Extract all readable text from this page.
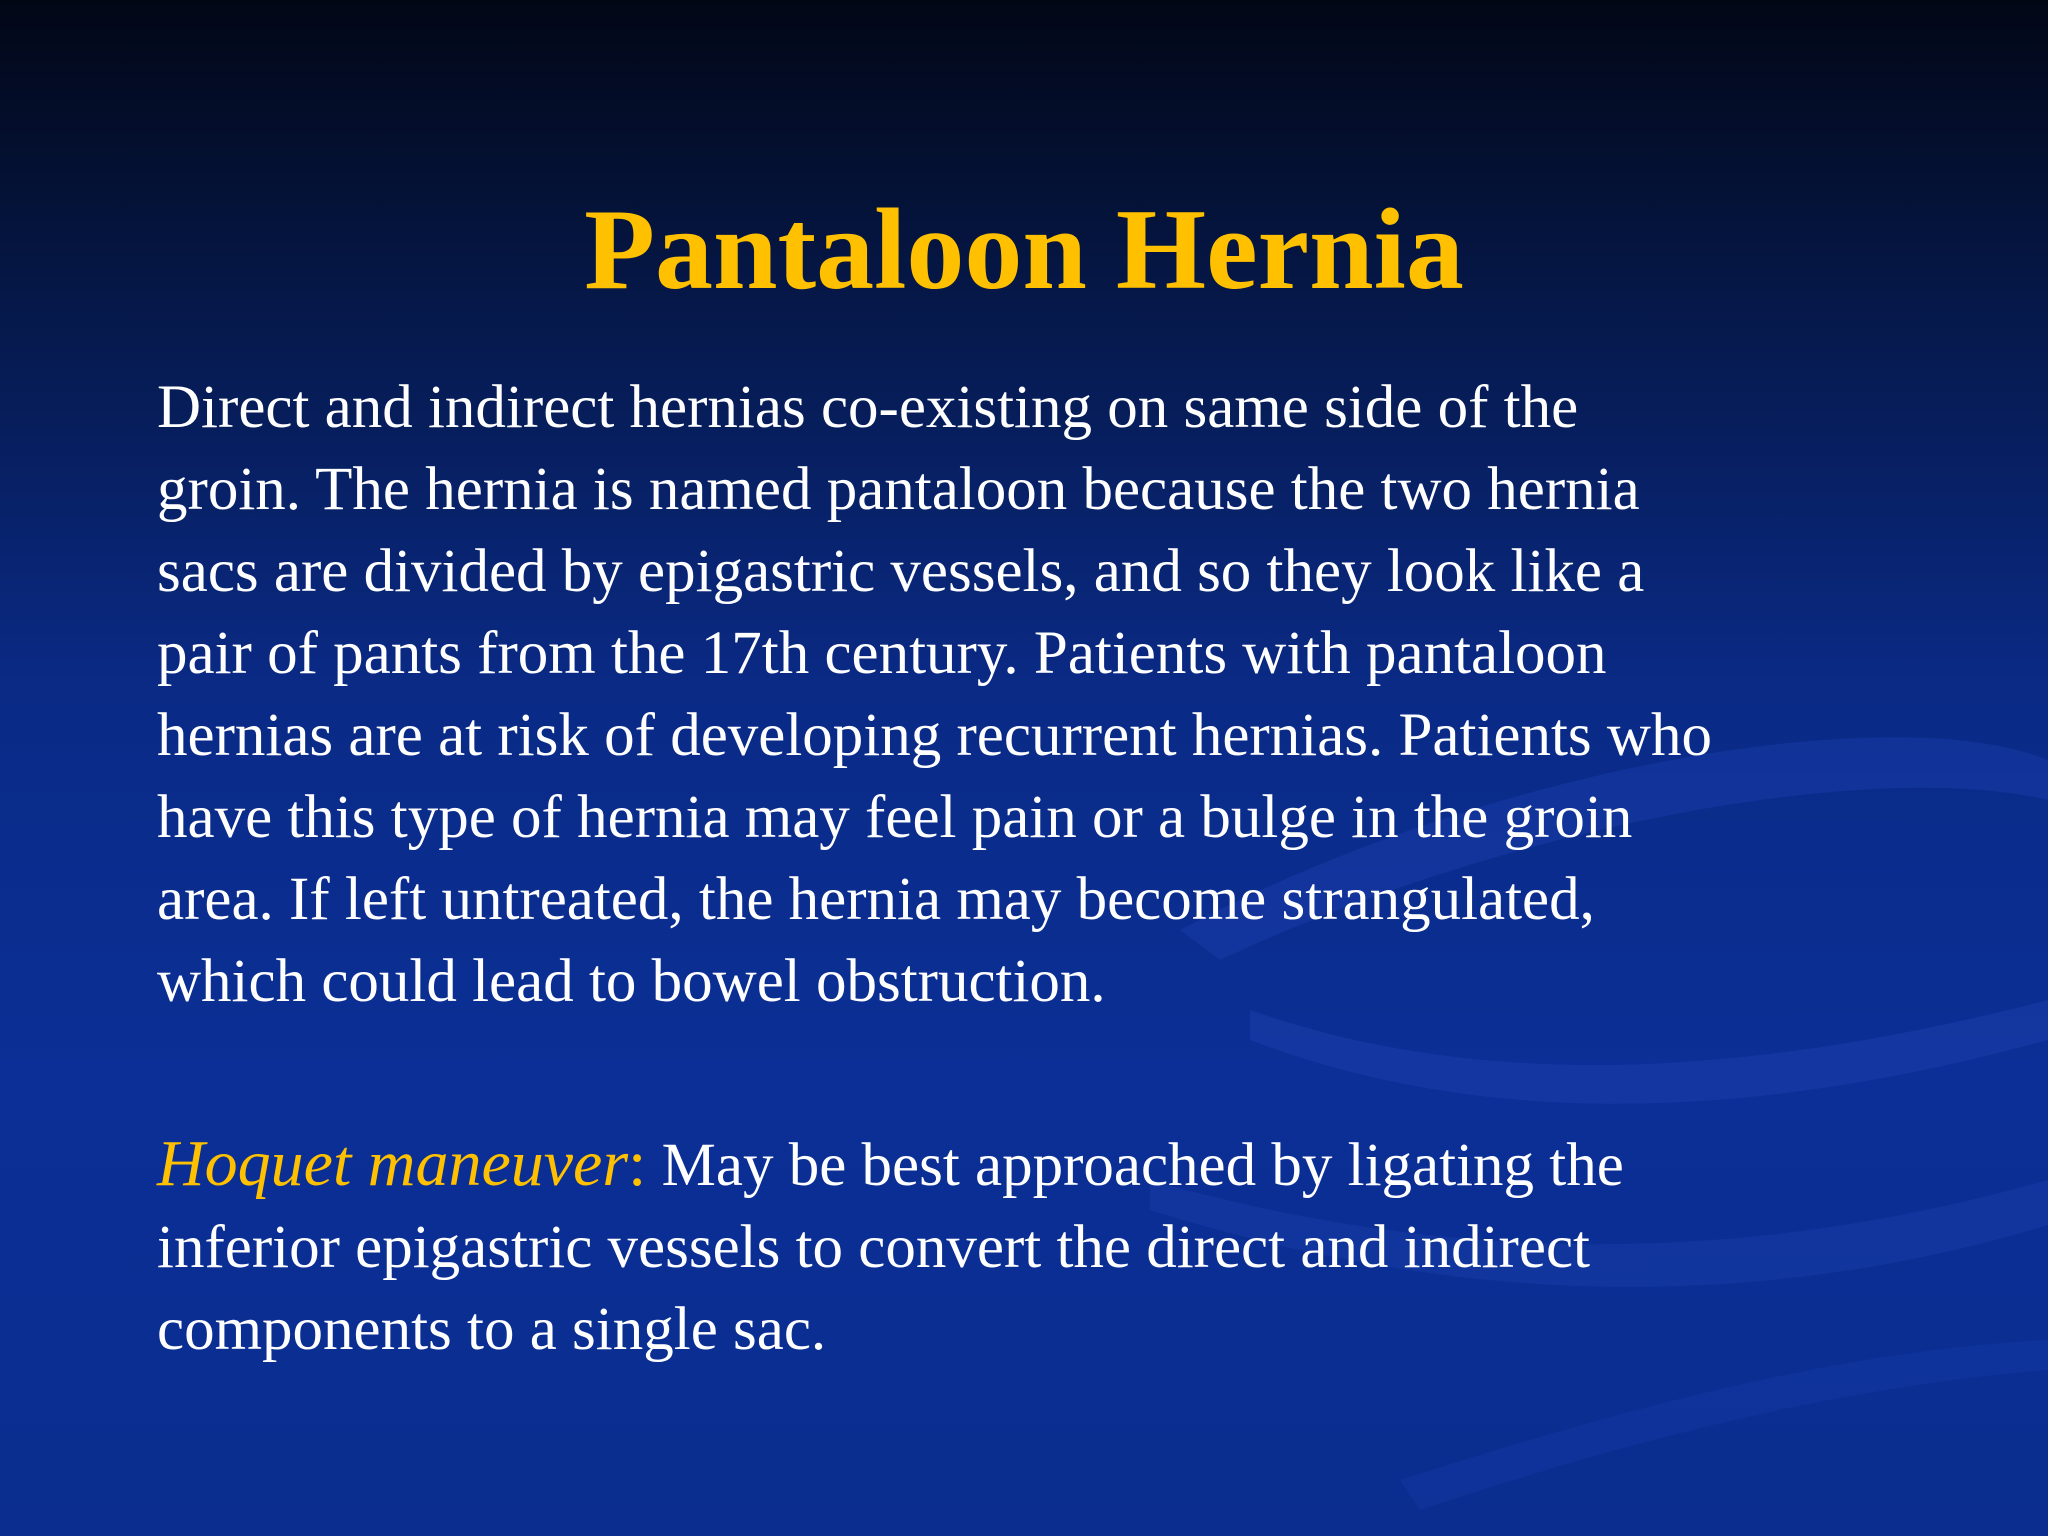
Pantaloon Hernia
Direct and indirect hernias co-existing on same side of the
groin. The hernia is named pantaloon because the two hernia
sacs are divided by epigastric vessels, and so they look like a
pair of pants from the 17th century. Patients with pantaloon
hernias are at risk of developing recurrent hernias. Patients who
have this type of hernia may feel pain or a bulge in the groin
area. If left untreated, the hernia may become strangulated,
which could lead to bowel obstruction.
Hoquet maneuver: May be best approached by ligating the
inferior epigastric vessels to convert the direct and indirect
components to a single sac.
